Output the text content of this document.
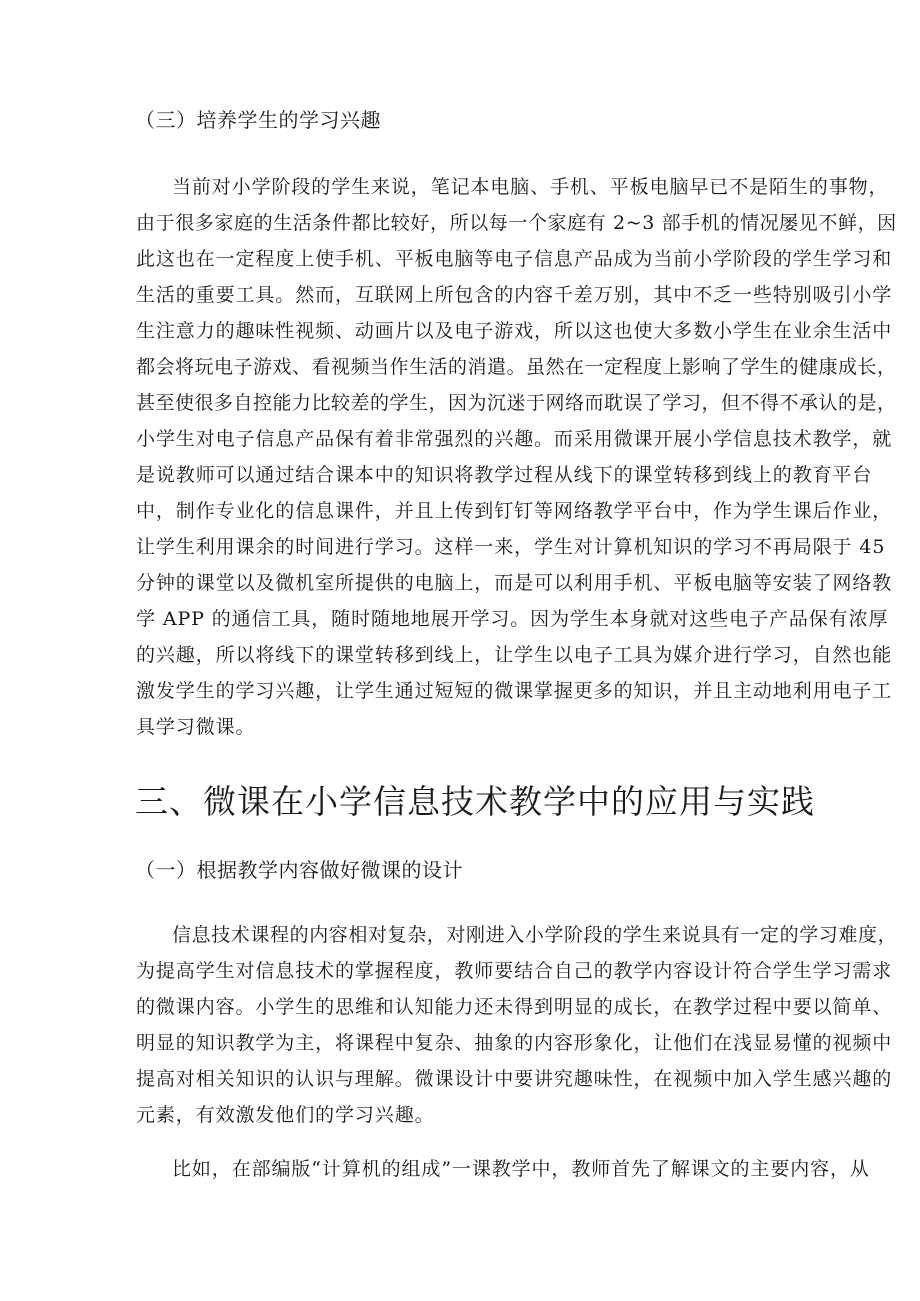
（三）培养学生的学习兴趣
当前对小学阶段的学生来说，笔记本电脑、手机、平板电脑早已不是陌生的事物，
由于很多家庭的生活条件都比较好，所以每一个家庭有 2~3 部手机的情况屡见不鲜，因
此这也在一定程度上使手机、平板电脑等电子信息产品成为当前小学阶段的学生学习和
生活的重要工具。然而，互联网上所包含的内容千差万别，其中不乏一些特别吸引小学
生注意力的趣味性视频、动画片以及电子游戏，所以这也使大多数小学生在业余生活中
都会将玩电子游戏、看视频当作生活的消遣。虽然在一定程度上影响了学生的健康成长，
甚至使很多自控能力比较差的学生，因为沉迷于网络而耽误了学习，但不得不承认的是，
小学生对电子信息产品保有着非常强烈的兴趣。而采用微课开展小学信息技术教学，就
是说教师可以通过结合课本中的知识将教学过程从线下的课堂转移到线上的教育平台
中，制作专业化的信息课件，并且上传到钉钉等网络教学平台中，作为学生课后作业，
让学生利用课余的时间进行学习。这样一来，学生对计算机知识的学习不再局限于 45
分钟的课堂以及微机室所提供的电脑上，而是可以利用手机、平板电脑等安装了网络教
学 APP 的通信工具，随时随地地展开学习。因为学生本身就对这些电子产品保有浓厚
的兴趣，所以将线下的课堂转移到线上，让学生以电子工具为媒介进行学习，自然也能
激发学生的学习兴趣，让学生通过短短的微课掌握更多的知识，并且主动地利用电子工
具学习微课。
三、微课在小学信息技术教学中的应用与实践
（一）根据教学内容做好微课的设计
信息技术课程的内容相对复杂，对刚进入小学阶段的学生来说具有一定的学习难度，
为提高学生对信息技术的掌握程度，教师要结合自己的教学内容设计符合学生学习需求
的微课内容。小学生的思维和认知能力还未得到明显的成长，在教学过程中要以简单、
明显的知识教学为主，将课程中复杂、抽象的内容形象化，让他们在浅显易懂的视频中
提高对相关知识的认识与理解。微课设计中要讲究趣味性，在视频中加入学生感兴趣的
元素，有效激发他们的学习兴趣。
比如，在部编版“计算机的组成”一课教学中，教师首先了解课文的主要内容，从
